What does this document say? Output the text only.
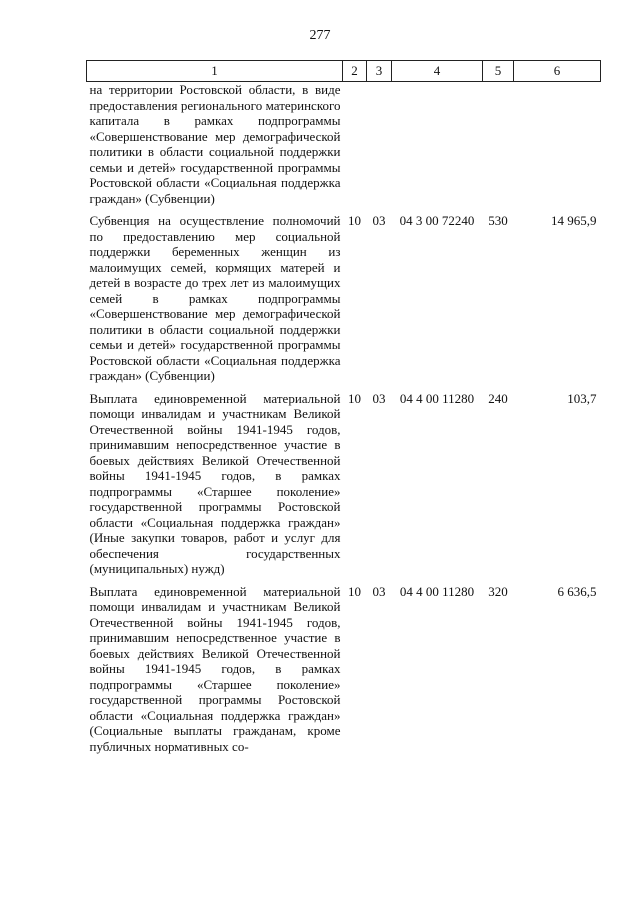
277
1	2	3	4	5	6
на территории Ростовской области, в виде предоставления регионального материнского капитала в рамках подпрограммы «Совершенствование мер демографической политики в области социальной поддержки семьи и детей» государственной программы Ростовской области «Социальная поддержка граждан» (Субвенции)					
Субвенция на осуществление полномочий по предоставлению мер социальной поддержки беременных женщин из малоимущих семей, кормящих матерей и детей в возрасте до трех лет из малоимущих семей в рамках подпрограммы «Совершенствование мер демографической политики в области социальной поддержки семьи и детей» государственной программы Ростовской области «Социальная поддержка граждан» (Субвенции)	10	03	04 3 00 72240	530	14 965,9
Выплата единовременной материальной помощи инвалидам и участникам Великой Отечественной войны 1941-1945 годов, принимавшим непосредственное участие в боевых действиях Великой Отечественной войны 1941-1945 годов, в рамках подпрограммы «Старшее поколение» государственной программы Ростовской области «Социальная поддержка граждан» (Иные закупки товаров, работ и услуг для обеспечения государственных (муниципальных) нужд)	10	03	04 4 00 11280	240	103,7
Выплата единовременной материальной помощи инвалидам и участникам Великой Отечественной войны 1941-1945 годов, принимавшим непосредственное участие в боевых действиях Великой Отечественной войны 1941-1945 годов, в рамках подпрограммы «Старшее поколение» государственной программы Ростовской области «Социальная поддержка граждан» (Социальные выплаты гражданам, кроме публичных нормативных со-	10	03	04 4 00 11280	320	6 636,5
